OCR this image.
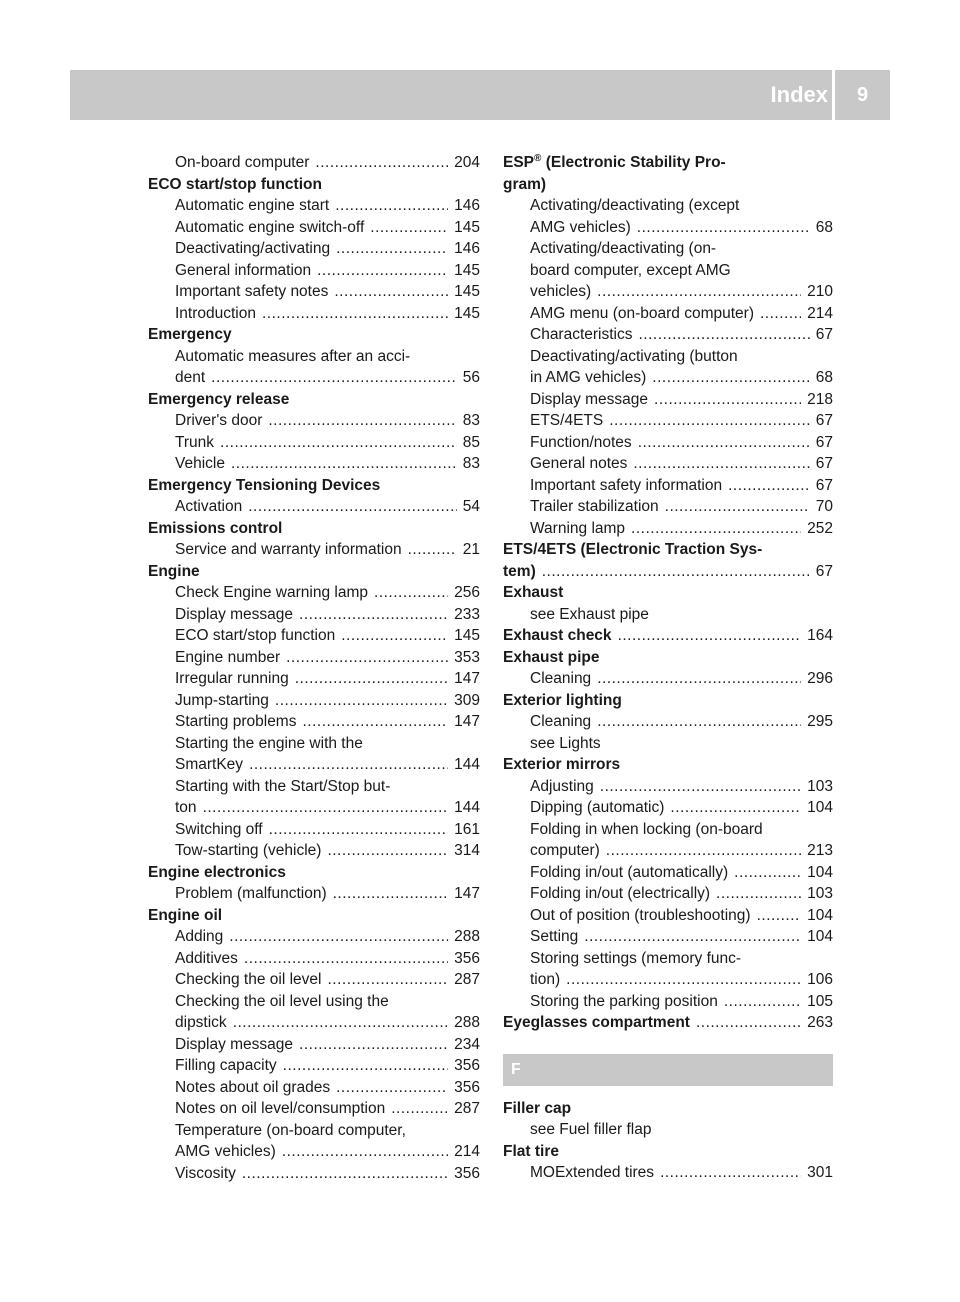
Index	9
On-board computer .....	204
ECO start/stop function
Automatic engine start .....	146
Automatic engine switch-off .....	145
Deactivating/activating .....	146
General information .....	145
Important safety notes .....	145
Introduction .....	145
Emergency
Automatic measures after an acci-
dent .....	56
Emergency release
Driver's door .....	83
Trunk .....	85
Vehicle .....	83
Emergency Tensioning Devices
Activation .....	54
Emissions control
Service and warranty information .....	21
Engine
Check Engine warning lamp .....	256
Display message .....	233
ECO start/stop function .....	145
Engine number .....	353
Irregular running .....	147
Jump-starting .....	309
Starting problems .....	147
Starting the engine with the
SmartKey .....	144
Starting with the Start/Stop but-
ton .....	144
Switching off .....	161
Tow-starting (vehicle) .....	314
Engine electronics
Problem (malfunction) .....	147
Engine oil
Adding .....	288
Additives .....	356
Checking the oil level .....	287
Checking the oil level using the
dipstick .....	288
Display message .....	234
Filling capacity .....	356
Notes about oil grades .....	356
Notes on oil level/consumption .....	287
Temperature (on-board computer,
AMG vehicles) .....	214
Viscosity .....	356
ESP® (Electronic Stability Pro-
gram)
Activating/deactivating (except
AMG vehicles) .....	68
Activating/deactivating (on-
board computer, except AMG
vehicles) .....	210
AMG menu (on-board computer) .....	214
Characteristics .....	67
Deactivating/activating (button
in AMG vehicles) .....	68
Display message .....	218
ETS/4ETS .....	67
Function/notes .....	67
General notes .....	67
Important safety information .....	67
Trailer stabilization .....	70
Warning lamp .....	252
ETS/4ETS (Electronic Traction Sys-
tem) .....	67
Exhaust
see Exhaust pipe
Exhaust check .....	164
Exhaust pipe
Cleaning .....	296
Exterior lighting
Cleaning .....	295
see Lights
Exterior mirrors
Adjusting .....	103
Dipping (automatic) .....	104
Folding in when locking (on-board
computer) .....	213
Folding in/out (automatically) .....	104
Folding in/out (electrically) .....	103
Out of position (troubleshooting) .....	104
Setting .....	104
Storing settings (memory func-
tion) .....	106
Storing the parking position .....	105
Eyeglasses compartment .....	263
F
Filler cap
see Fuel filler flap
Flat tire
MOExtended tires .....	301
